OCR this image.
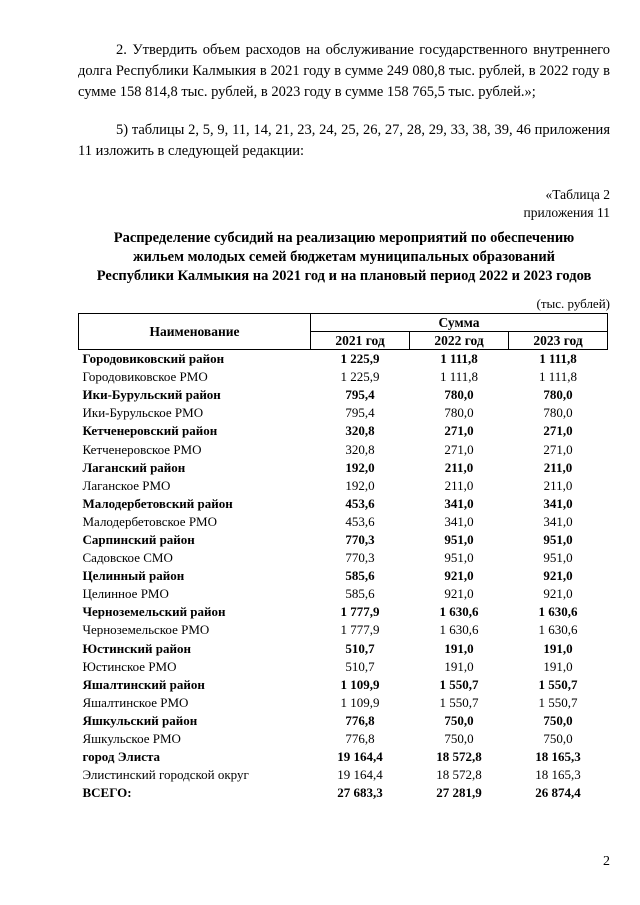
2. Утвердить объем расходов на обслуживание государственного внутреннего долга Республики Калмыкия в 2021 году в сумме 249 080,8 тыс. рублей, в 2022 году в сумме 158 814,8 тыс. рублей, в 2023 году в сумме 158 765,5 тыс. рублей.»;
5) таблицы 2, 5, 9, 11, 14, 21, 23, 24, 25, 26, 27, 28, 29, 33, 38, 39, 46 приложения 11 изложить в следующей редакции:
«Таблица 2
приложения 11
Распределение субсидий на реализацию мероприятий по обеспечению
жильем молодых семей бюджетам муниципальных образований
Республики Калмыкия на 2021 год и на плановый период 2022 и 2023 годов
(тыс. рублей)
Наименование	Сумма		
	2021 год	2022 год	2023 год
Городовиковский район	1 225,9	1 111,8	1 111,8
Городовиковское РМО	1 225,9	1 111,8	1 111,8
Ики-Бурульский район	795,4	780,0	780,0
Ики-Бурульское РМО	795,4	780,0	780,0
Кетченеровский район	320,8	271,0	271,0
Кетченеровское РМО	320,8	271,0	271,0
Лаганский район	192,0	211,0	211,0
Лаганское РМО	192,0	211,0	211,0
Малодербетовский район	453,6	341,0	341,0
Малодербетовское РМО	453,6	341,0	341,0
Сарпинский район	770,3	951,0	951,0
Садовское СМО	770,3	951,0	951,0
Целинный район	585,6	921,0	921,0
Целинное РМО	585,6	921,0	921,0
Черноземельский район	1 777,9	1 630,6	1 630,6
Черноземельское РМО	1 777,9	1 630,6	1 630,6
Юстинский район	510,7	191,0	191,0
Юстинское РМО	510,7	191,0	191,0
Яшалтинский район	1 109,9	1 550,7	1 550,7
Яшалтинское РМО	1 109,9	1 550,7	1 550,7
Яшкульский район	776,8	750,0	750,0
Яшкульское РМО	776,8	750,0	750,0
город Элиста	19 164,4	18 572,8	18 165,3
Элистинский городской округ	19 164,4	18 572,8	18 165,3
ВСЕГО:	27 683,3	27 281,9	26 874,4
2
